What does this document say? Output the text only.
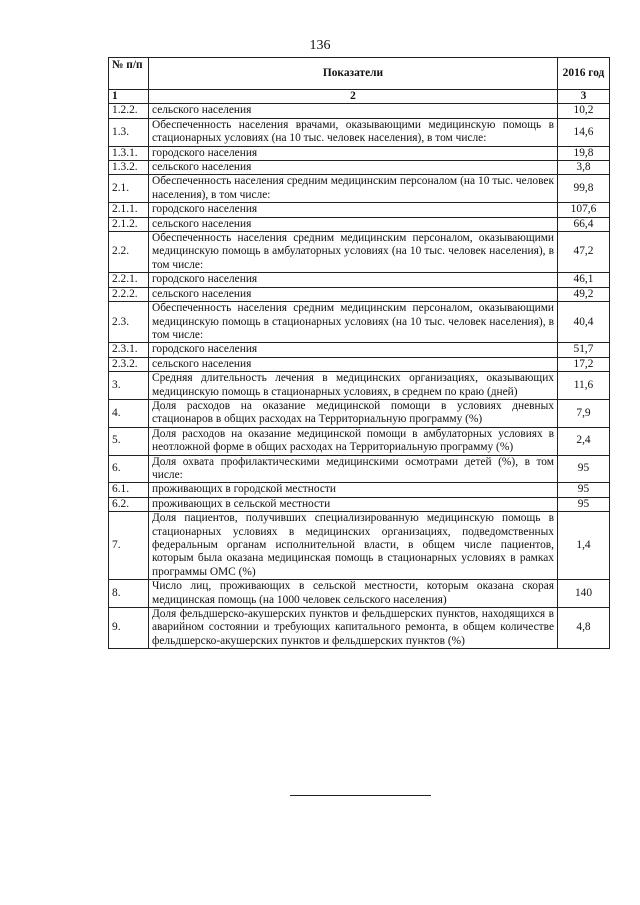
136
№ п/п	Показатели	2016 год
1	2	3
1.2.2.	сельского населения	10,2
1.3.	Обеспеченность населения врачами, оказывающими медицинскую помощь в стационарных условиях (на 10 тыс. человек населения), в том числе:	14,6
1.3.1.	городского населения	19,8
1.3.2.	сельского населения	3,8
2.1.	Обеспеченность населения средним медицинским персоналом (на 10 тыс. человек населения), в том числе:	99,8
2.1.1.	городского населения	107,6
2.1.2.	сельского населения	66,4
2.2.	Обеспеченность населения средним медицинским персоналом, оказывающими медицинскую помощь в амбулаторных условиях (на 10 тыс. человек населения), в том числе:	47,2
2.2.1.	городского населения	46,1
2.2.2.	сельского населения	49,2
2.3.	Обеспеченность населения средним медицинским персоналом, оказывающими медицинскую помощь в стационарных условиях (на 10 тыс. человек населения), в том числе:	40,4
2.3.1.	городского населения	51,7
2.3.2.	сельского населения	17,2
3.	Средняя длительность лечения в медицинских организациях, оказывающих медицинскую помощь в стационарных условиях, в среднем по краю (дней)	11,6
4.	Доля расходов на оказание медицинской помощи в условиях дневных стационаров в общих расходах на Территориальную программу (%)	7,9
5.	Доля расходов на оказание медицинской помощи в амбулаторных условиях в неотложной форме в общих расходах на Территориальную программу (%)	2,4
6.	Доля охвата профилактическими медицинскими осмотрами детей (%), в том числе:	95
6.1.	проживающих в городской местности	95
6.2.	проживающих в сельской местности	95
7.	Доля пациентов, получивших специализированную медицинскую помощь в стационарных условиях в медицинских организациях, подведомственных федеральным органам исполнительной власти, в общем числе пациентов, которым была оказана медицинская помощь в стационарных условиях в рамках программы ОМС (%)	1,4
8.	Число лиц, проживающих в сельской местности, которым оказана скорая медицинская помощь (на 1000 человек сельского населения)	140
9.	Доля фельдшерско-акушерских пунктов и фельдшерских пунктов, находящихся в аварийном состоянии и требующих капитального ремонта, в общем количестве фельдшерско-акушерских пунктов и фельдшерских пунктов (%)	4,8
